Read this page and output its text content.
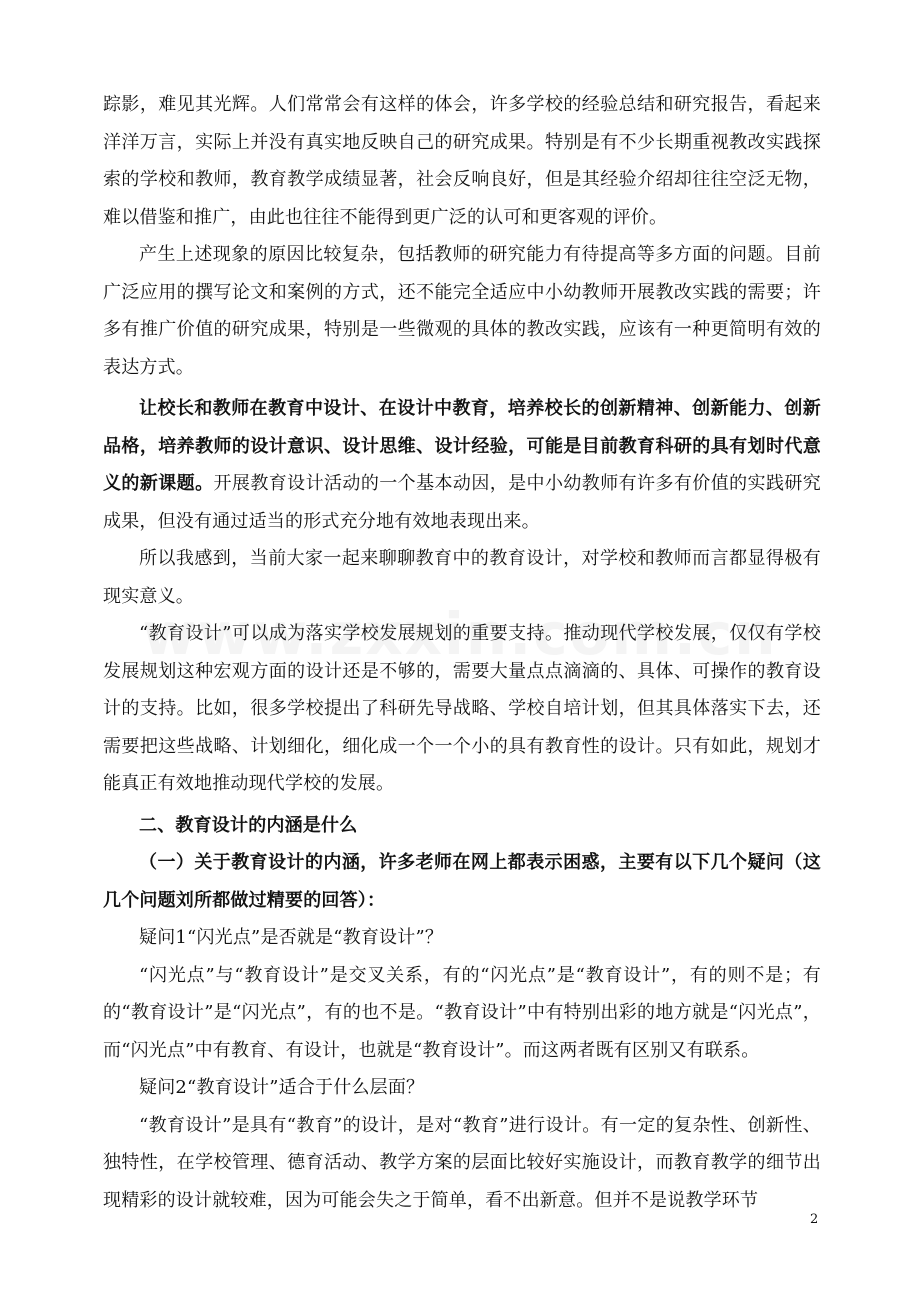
踪影，难见其光辉。人们常常会有这样的体会，许多学校的经验总结和研究报告，看起来洋洋万言，实际上并没有真实地反映自己的研究成果。特别是有不少长期重视教改实践探索的学校和教师，教育教学成绩显著，社会反响良好，但是其经验介绍却往往空泛无物，难以借鉴和推广，由此也往往不能得到更广泛的认可和更客观的评价。

产生上述现象的原因比较复杂，包括教师的研究能力有待提高等多方面的问题。目前广泛应用的撰写论文和案例的方式，还不能完全适应中小幼教师开展教改实践的需要；许多有推广价值的研究成果，特别是一些微观的具体的教改实践，应该有一种更简明有效的表达方式。

让校长和教师在教育中设计、在设计中教育，培养校长的创新精神、创新能力、创新品格，培养教师的设计意识、设计思维、设计经验，可能是目前教育科研的具有划时代意义的新课题。开展教育设计活动的一个基本动因，是中小幼教师有许多有价值的实践研究成果，但没有通过适当的形式充分地有效地表现出来。

所以我感到，当前大家一起来聊聊教育中的教育设计，对学校和教师而言都显得极有现实意义。

“教育设计”可以成为落实学校发展规划的重要支持。推动现代学校发展，仅仅有学校发展规划这种宏观方面的设计还是不够的，需要大量点点滴滴的、具体、可操作的教育设计的支持。比如，很多学校提出了科研先导战略、学校自培计划，但其具体落实下去，还需要把这些战略、计划细化，细化成一个一个小的具有教育性的设计。只有如此，规划才能真正有效地推动现代学校的发展。

二、教育设计的内涵是什么

（一）关于教育设计的内涵，许多老师在网上都表示困惑，主要有以下几个疑问（这几个问题刘所都做过精要的回答）：

疑问1“闪光点”是否就是“教育设计”？

“闪光点”与“教育设计”是交叉关系，有的“闪光点”是“教育设计”，有的则不是；有的“教育设计”是“闪光点”，有的也不是。“教育设计”中有特别出彩的地方就是“闪光点”，而“闪光点”中有教育、有设计，也就是“教育设计”。而这两者既有区别又有联系。

疑问2“教育设计”适合于什么层面？

“教育设计”是具有“教育”的设计，是对“教育”进行设计。有一定的复杂性、创新性、独特性，在学校管理、德育活动、教学方案的层面比较好实施设计，而教育教学的细节出现精彩的设计就较难，因为可能会失之于简单，看不出新意。但并不是说教学环节

2
